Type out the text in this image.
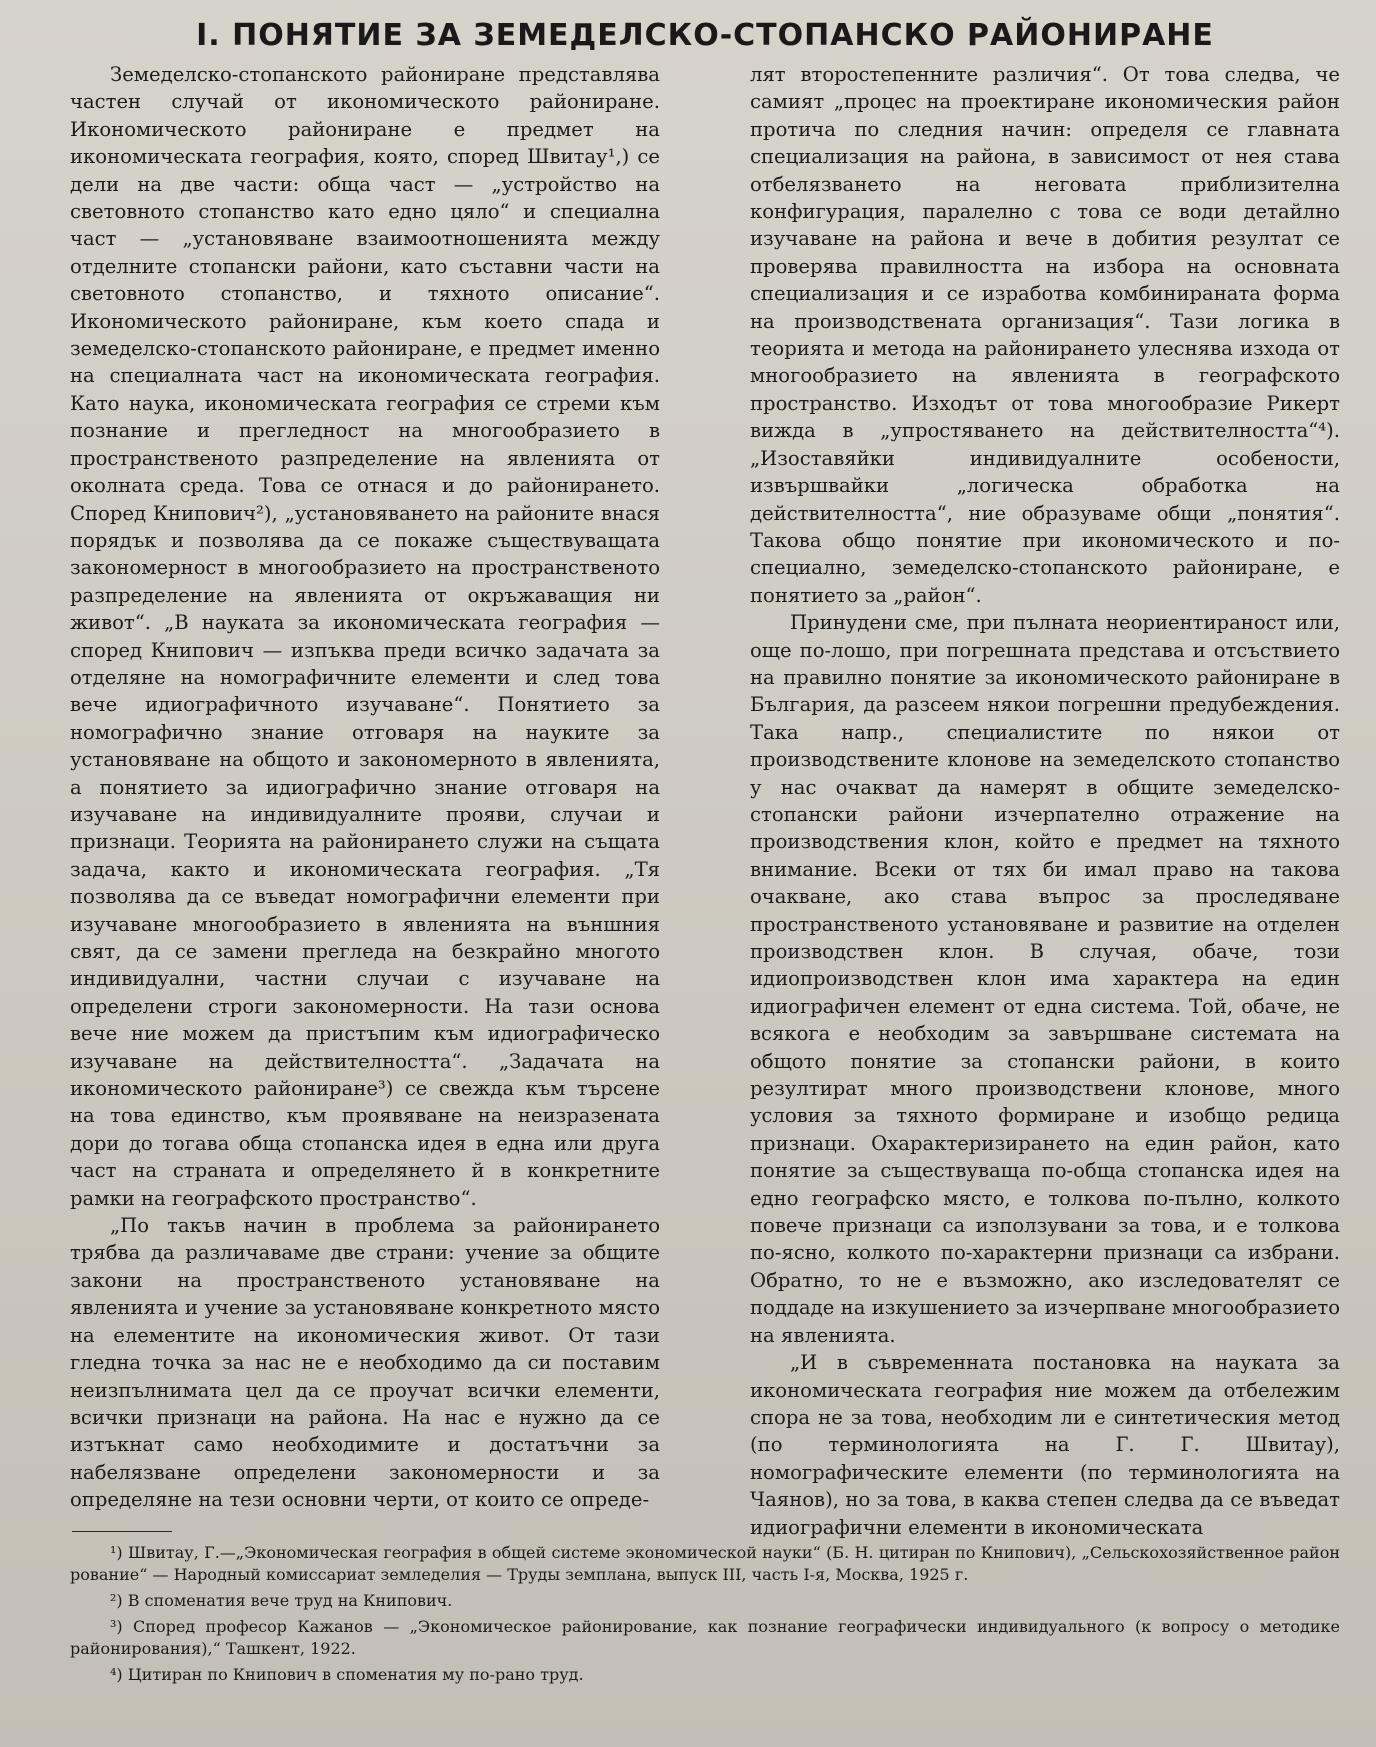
I. ПОНЯТИЕ ЗА ЗЕМЕДЕЛСКО-СТОПАНСКО РАЙОНИРАНЕ

Земеделско-стопанското райониране представлява частен случай от икономическото райониране. Икономическото райониране е предмет на икономическата география, която, според Швитау¹,) се дели на две части: обща част — „устройство на световното стопанство като едно цяло“ и специална част — „установяване взаимоотношенията между отделните стопански райони, като съставни части на световното стопанство, и тяхното описание“. Икономическото райониране, към което спада и земеделско-стопанското райониране, е предмет именно на специалната част на икономическата география. Като наука, икономическата география се стреми към познание и прегледност на многообразието в пространственото разпределение на явленията от околната среда. Това се отнася и до районирането. Според Книпович²), „установяването на районите внася порядък и позволява да се покаже съществуващата закономерност в многообразието на пространственото разпределение на явленията от окръжаващия ни живот“. „В науката за икономическата география — според Книпович — изпъква преди всичко задачата за отделяне на номографичните елементи и след това вече идиографичното изучаване“. Понятието за номографично знание отговаря на науките за установяване на общото и закономерното в явленията, а понятието за идиографично знание отговаря на изучаване на индивидуалните прояви, случаи и признаци. Теорията на районирането служи на същата задача, както и икономическата география. „Тя позволява да се въведат номографични елементи при изучаване многообразието в явленията на външния свят, да се замени прегледа на безкрайно многото индивидуални, частни случаи с изучаване на определени строги закономерности. На тази основа вече ние можем да пристъпим към идиографическо изучаване на действителността“. „Задачата на икономическото райониране³) се свежда към търсене на това единство, към проявяване на неизразената дори до тогава обща стопанска идея в една или друга част на страната и определянето й в конкретните рамки на географското пространство“.

„По такъв начин в проблема за районирането трябва да различаваме две страни: учение за общите закони на пространственото установяване на явленията и учение за установяване конкретното място на елементите на икономическия живот. От тази гледна точка за нас не е необходимо да си поставим неизпълнимата цел да се проучат всички елементи, всички признаци на района. На нас е нужно да се изтъкнат само необходимите и достатъчни за набелязване определени закономерности и за определяне на тези основни черти, от които се опреде-

лят второстепенните различия“. От това следва, че самият „процес на проектиране икономическия район протича по следния начин: определя се главната специализация на района, в зависимост от нея става отбелязването на неговата приблизителна конфигурация, паралелно с това се води детайлно изучаване на района и вече в добития резултат се проверява правилността на избора на основната специализация и се изработва комбинираната форма на производствената организация“. Тази логика в теорията и метода на районирането улеснява изхода от многообразието на явленията в географското пространство. Изходът от това многообразие Рикерт вижда в „упростяването на действителността“⁴). „Изоставяйки индивидуалните особености, извършвайки „логическа обработка на действителността“, ние образуваме общи „понятия“. Такова общо понятие при икономическото и по-специално, земеделско-стопанското райониране, е понятието за „район“.

Принудени сме, при пълната неориентираност или, още по-лошо, при погрешната представа и отсъствието на правилно понятие за икономическото райониране в България, да разсеем някои погрешни предубеждения. Така напр., специалистите по някои от производствените клонове на земеделското стопанство у нас очакват да намерят в общите земеделско-стопански райони изчерпателно отражение на производствения клон, който е предмет на тяхното внимание. Всеки от тях би имал право на такова очакване, ако става въпрос за проследяване пространственото установяване и развитие на отделен производствен клон. В случая, обаче, този идиопроизводствен клон има характера на един идиографичен елемент от една система. Той, обаче, не всякога е необходим за завършване системата на общото понятие за стопански райони, в които резултират много производствени клонове, много условия за тяхното формиране и изобщо редица признаци. Охарактеризирането на един район, като понятие за съществуваща по-обща стопанска идея на едно географско място, е толкова по-пълно, колкото повече признаци са използувани за това, и е толкова по-ясно, колкото по-характерни признаци са избрани. Обратно, то не е възможно, ако изследователят се поддаде на изкушението за изчерпване многообразието на явленията.

„И в съвременната постановка на науката за икономическата география ние можем да отбележим спора не за това, необходим ли е синтетическия метод (по терминологията на Г. Г. Швитау), номографическите елементи (по терминологията на Чаянов), но за това, в каква степен следва да се въведат идиографични елементи в икономическата

¹) Швитау, Г.—„Экономическая география в общей системе экономической науки“ (Б. Н. цитиран по Книпович), „Сельскохозяйственное район рование“ — Народный комиссариат земледелия — Труды земплана, выпуск III, часть I-я, Москва, 1925 г.

²) В споменатия вече труд на Книпович.

³) Според професор Кажанов — „Экономическое районирование, как познание географически индивидуального (к вопросу о методике районирования),“ Ташкент, 1922.

⁴) Цитиран по Книпович в споменатия му по-рано труд.
